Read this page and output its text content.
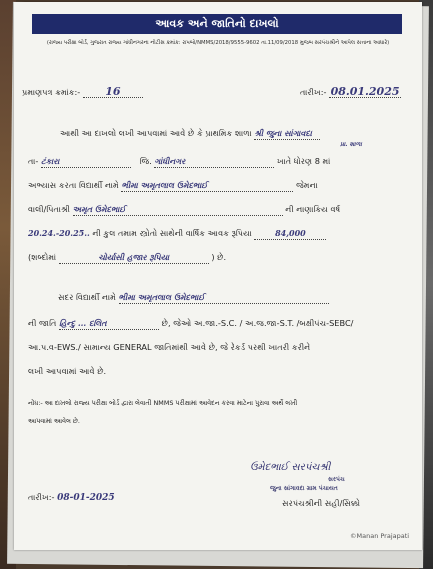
આવક અને જાતિનો દાખલો
(રાજ્ય પરીક્ષા બોર્ડ, ગુજરાત રાજ્ય ગાંધીનગરના નોટીસ ક્રમાંક: રાપબો/NMMS/2018/9555-9602 તા.11/09/2018 મુજબ સરપંચશ્રીને આપેલ સત્તાના આધારે)
પ્રમાણપત્ર ક્રમાંક:- 16	તારીખ:- 08.01.2025
આથી આ દાખલો લખી આપવામાં આવે છે કે પ્રાથમિક શાળા શ્રી જુના સાંગાવદા
પ્રા. શાળા
તા- ટંકારા	જિ. ગાંધીનગર	ખાતે ધોરણ 8 માં
અભ્યાસ કરતા વિદ્યાર્થી નામે ભીમા અમૃતલાલ ઉમેદભાઈ	જેમના
વાલી/પિતાશ્રી અમૃત ઉમેદભાઈ	ની નાણાકિય વર્ષ
20.24.-20.25.. ની કુલ તમામ સ્ત્રોતો સાથેની વાર્ષિક આવક રૂપિયા	84,000
(શબ્દોમાં	ચોર્યાસી હજાર રૂપિયા	) છે.
સદર વિદ્યાર્થી નામે ભીમા અમૃતલાલ ઉમેદભાઈ
ની જાતિ હિન્દુ ... દલિત	છે, જેઓ અ.જા.-S.C. / અ.જ.જા-S.T. /બક્ષીપંચ-SEBC/
આ.પ.વ-EWS./ સામાન્ય GENERAL જાતિમાંથી આવે છે, જે રેકર્ડ પરથી ખાતરી કરીને
લખી આપવામાં આવે છે.
નોંધ:- આ દાખલો રાજ્ય પરીક્ષા બોર્ડ દ્વારા લેવાતી NMMS પરીક્ષામાં આવેદન કરવા માટેના પુરાવા અર્થે લખી
આપવામાં આવેલ છે.
ઉમેદભાઈ સરપંચશ્રી
સરપંચ
જુના સાંગાવદા ગ્રામ પંચાયત
તારીખ:- 08-01-2025	સરપંચશ્રીની સહી/સિક્કો
©Manan Prajapati
